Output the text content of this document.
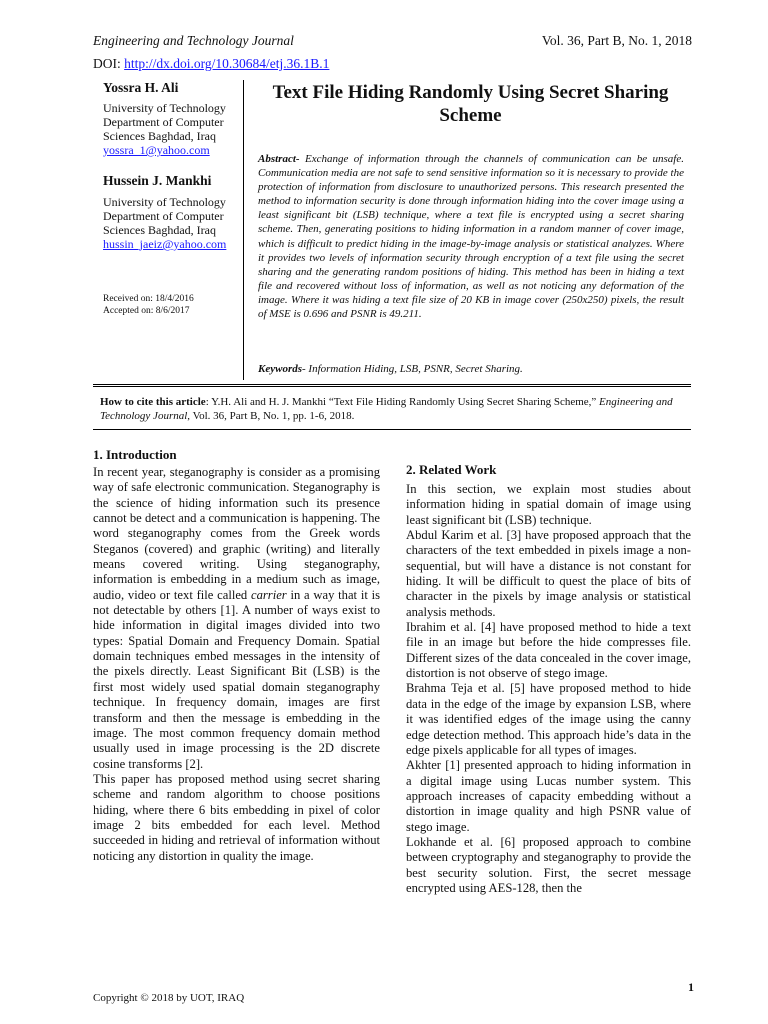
Engineering and Technology Journal	Vol. 36, Part B, No. 1, 2018
DOI: http://dx.doi.org/10.30684/etj.36.1B.1
Yossra H. Ali
University of Technology Department of Computer Sciences Baghdad, Iraq
yossra_1@yahoo.com
Hussein J. Mankhi
University of Technology Department of Computer Sciences Baghdad, Iraq
hussin_jaeiz@yahoo.com
Received on: 18/4/2016
Accepted on: 8/6/2017
Text File Hiding Randomly Using Secret Sharing Scheme
Abstract- Exchange of information through the channels of communication can be unsafe. Communication media are not safe to send sensitive information so it is necessary to provide the protection of information from disclosure to unauthorized persons. This research presented the method to information security is done through information hiding into the cover image using a least significant bit (LSB) technique, where a text file is encrypted using a secret sharing scheme. Then, generating positions to hiding information in a random manner of cover image, which is difficult to predict hiding in the image-by-image analysis or statistical analyzes. Where it provides two levels of information security through encryption of a text file using the secret sharing and the generating random positions of hiding. This method has been in hiding a text file and recovered without loss of information, as well as not noticing any deformation of the image. Where it was hiding a text file size of 20 KB in image cover (250x250) pixels, the result of MSE is 0.696 and PSNR is 49.211.
Keywords- Information Hiding, LSB, PSNR, Secret Sharing.
How to cite this article: Y.H. Ali and H. J. Mankhi “Text File Hiding Randomly Using Secret Sharing Scheme,” Engineering and Technology Journal, Vol. 36, Part B, No. 1, pp. 1-6, 2018.
1. Introduction

In recent year, steganography is consider as a promising way of safe electronic communication. Steganography is the science of hiding information such its presence cannot be detect and a communication is happening. The word steganography comes from the Greek words Steganos (covered) and graphic (writing) and literally means covered writing. Using steganography, information is embedding in a medium such as image, audio, video or text file called carrier in a way that it is not detectable by others [1]. A number of ways exist to hide information in digital images divided into two types: Spatial Domain and Frequency Domain. Spatial domain techniques embed messages in the intensity of the pixels directly. Least Significant Bit (LSB) is the first most widely used spatial domain steganography technique. In frequency domain, images are first transform and then the message is embedding in the image. The most common frequency domain method usually used in image processing is the 2D discrete cosine transforms [2].

This paper has proposed method using secret sharing scheme and random algorithm to choose positions hiding, where there 6 bits embedding in pixel of color image 2 bits embedded for each level. Method succeeded in hiding and retrieval of information without noticing any distortion in quality the image.

2. Related Work

In this section, we explain most studies about information hiding in spatial domain of image using least significant bit (LSB) technique.

Abdul Karim et al. [3] have proposed approach that the characters of the text embedded in pixels image a non-sequential, but will have a distance is not constant for hiding. It will be difficult to quest the place of bits of character in the pixels by image analysis or statistical analysis methods.

Ibrahim et al. [4] have proposed method to hide a text file in an image but before the hide compresses file. Different sizes of the data concealed in the cover image, distortion is not observe of stego image.

Brahma Teja et al. [5] have proposed method to hide data in the edge of the image by expansion LSB, where it was identified edges of the image using the canny edge detection method. This approach hide’s data in the edge pixels applicable for all types of images.

Akhter [1] presented approach to hiding information in a digital image using Lucas number system. This approach increases of capacity embedding without a distortion in image quality and high PSNR value of stego image.

Lokhande et al. [6] proposed approach to combine between cryptography and steganography to provide the best security solution. First, the secret message encrypted using AES-128, then the

Copyright © 2018 by UOT, IRAQ
1
